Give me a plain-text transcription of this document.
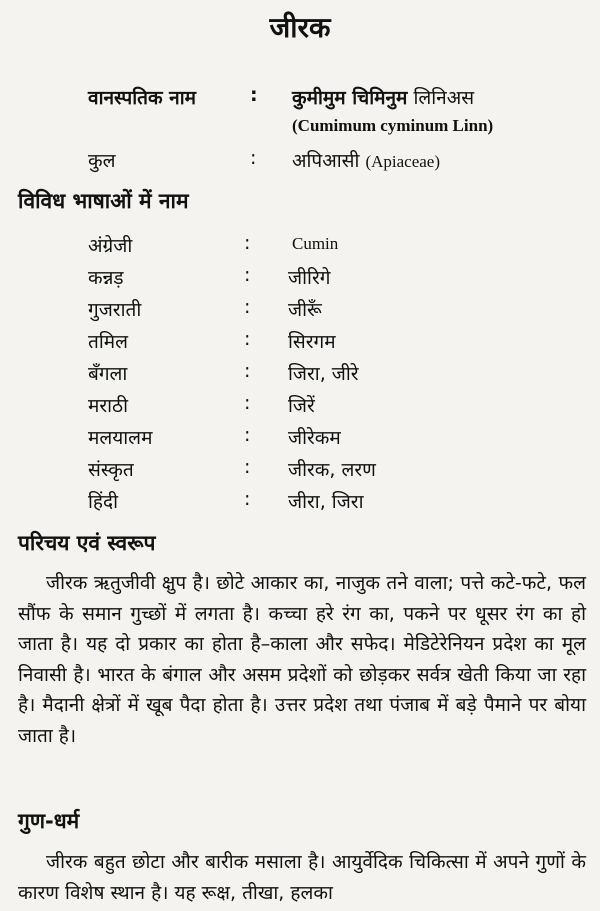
जीरक
वानस्पतिक नाम	: कुमीमुम चिमिनुम लिनिअस
(Cumimum cyminum Linn)
कुल	: अपिआसी (Apiaceae)
विविध भाषाओं में नाम
अंग्रेजी	: Cumin
कन्नड़	: जीरिगे
गुजराती	: जीरूँ
तमिल	: सिरगम
बँगला	: जिरा, जीरे
मराठी	: जिरें
मलयालम	: जीरेकम
संस्कृत	: जीरक, लरण
हिंदी	: जीरा, जिरा
परिचय एवं स्वरूप
जीरक ऋतुजीवी क्षुप है। छोटे आकार का, नाजुक तने वाला; पत्ते कटे-फटे, फल सौंफ के समान गुच्छों में लगता है। कच्चा हरे रंग का, पकने पर धूसर रंग का हो जाता है। यह दो प्रकार का होता है–काला और सफेद। मेडिटेरेनियन प्रदेश का मूल निवासी है। भारत के बंगाल और असम प्रदेशों को छोड़कर सर्वत्र खेती किया जा रहा है। मैदानी क्षेत्रों में खूब पैदा होता है। उत्तर प्रदेश तथा पंजाब में बड़े पैमाने पर बोया जाता है।
गुण-धर्म
जीरक बहुत छोटा और बारीक मसाला है। आयुर्वेदिक चिकित्सा में अपने गुणों के कारण विशेष स्थान है। यह रूक्ष, तीखा, हलका
